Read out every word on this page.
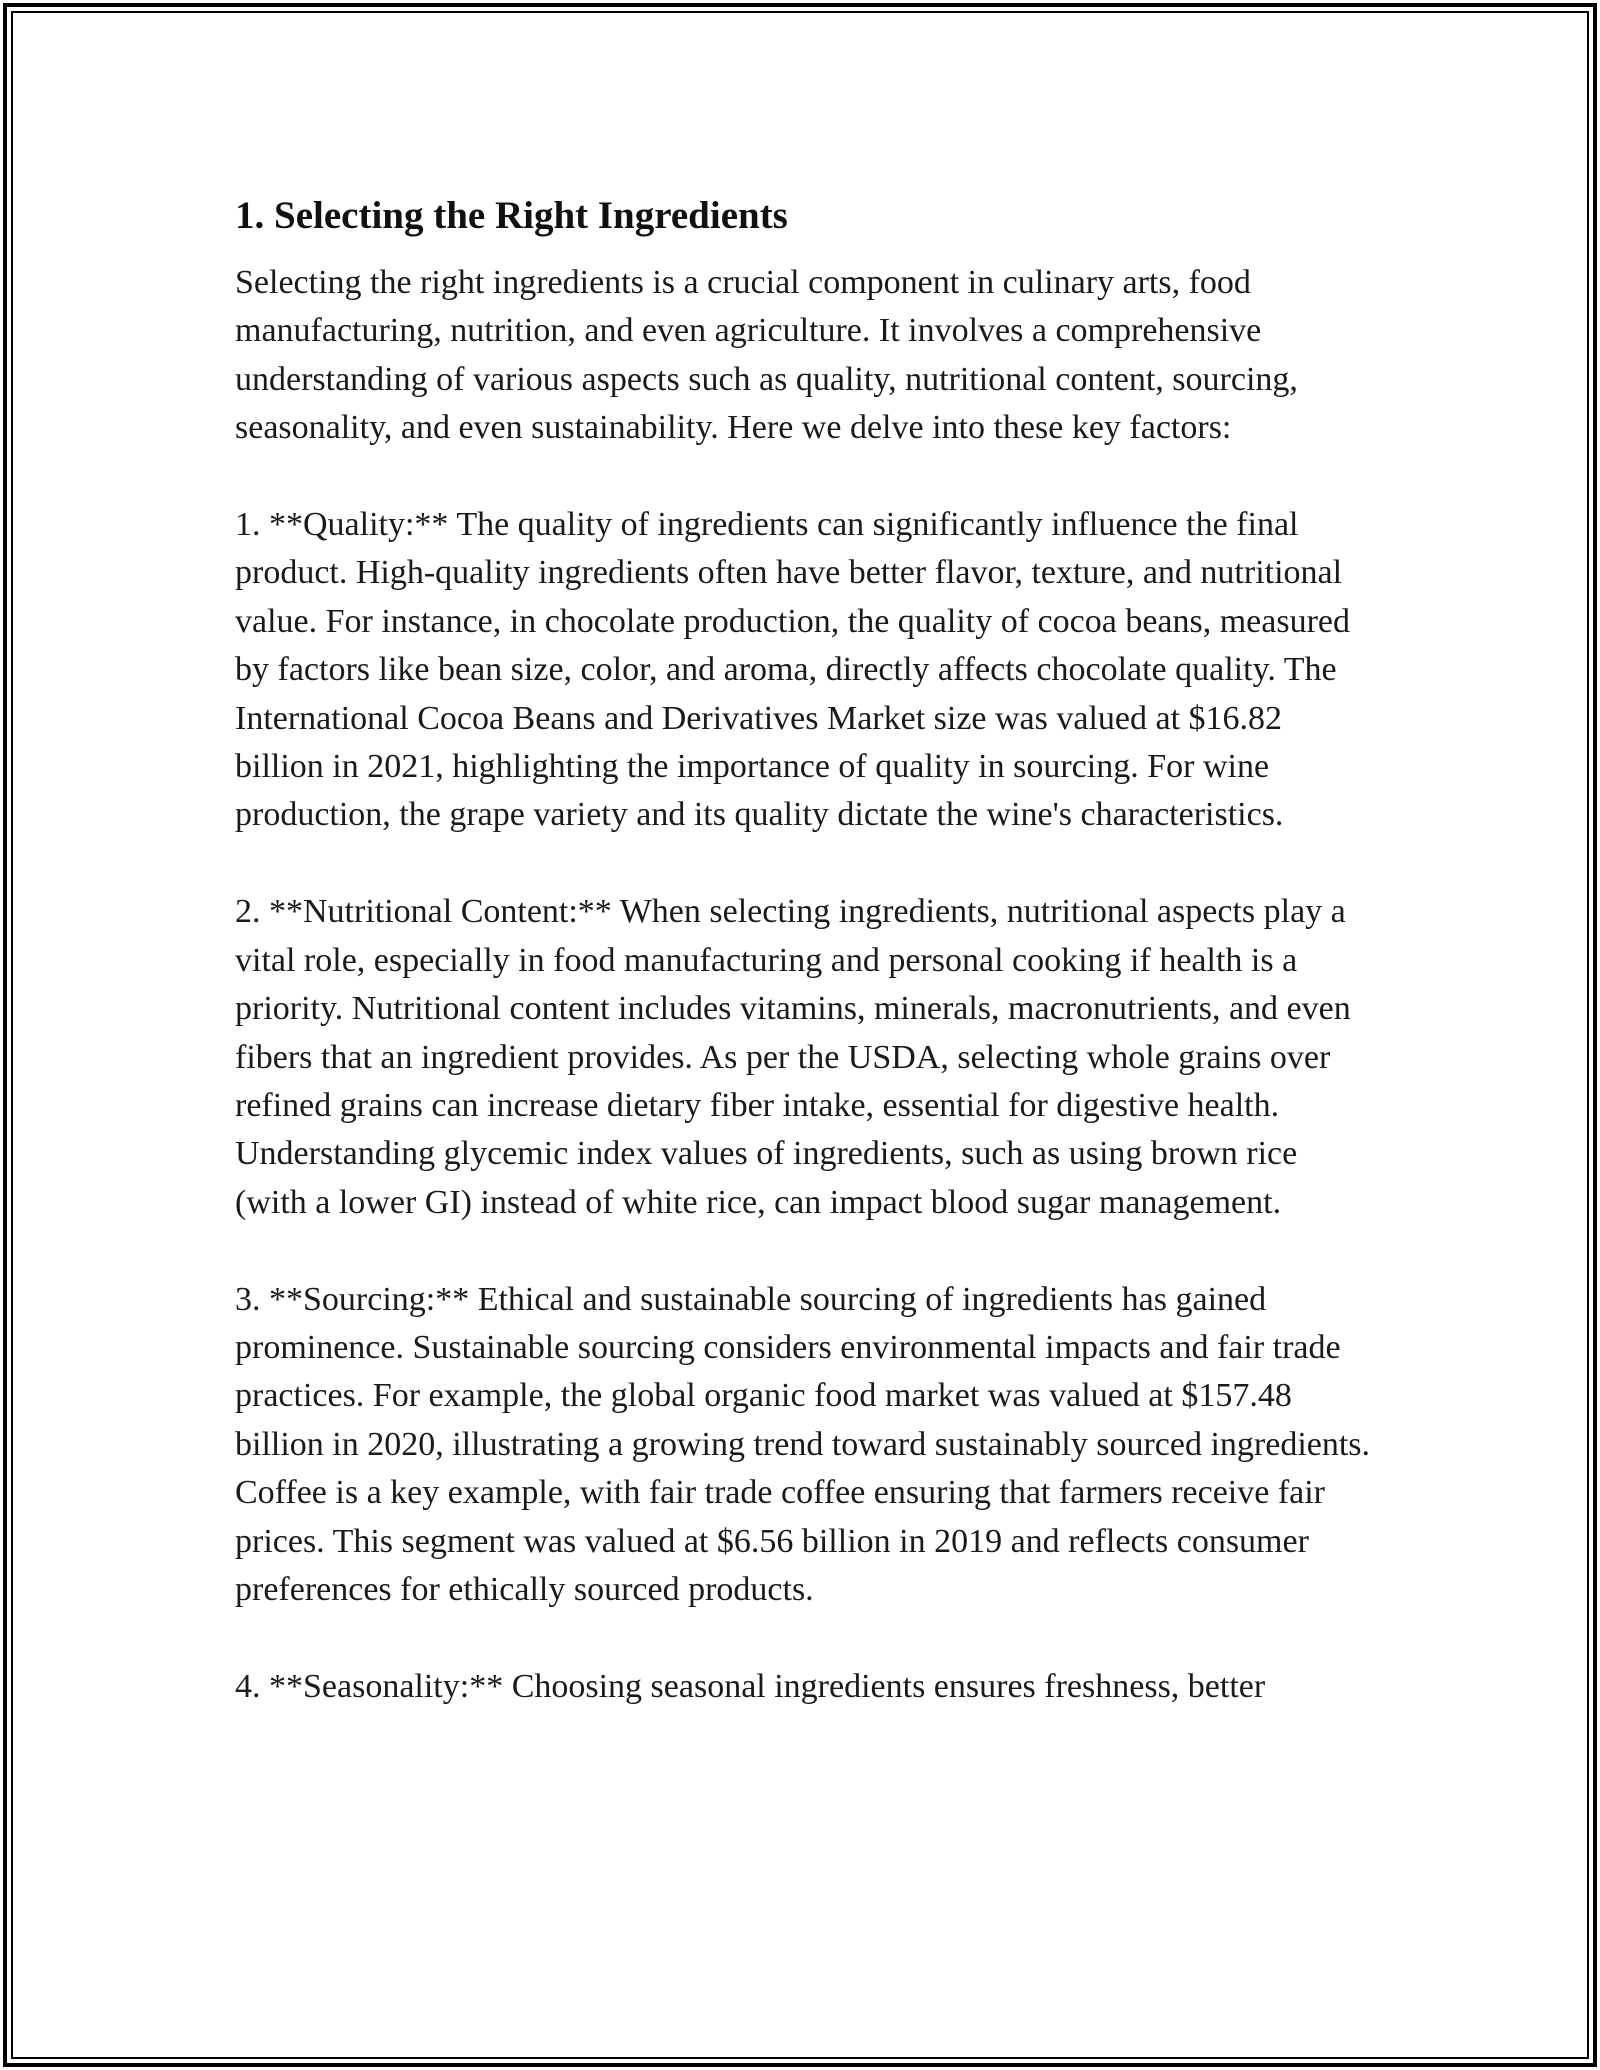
1. Selecting the Right Ingredients

Selecting the right ingredients is a crucial component in culinary arts, food manufacturing, nutrition, and even agriculture. It involves a comprehensive understanding of various aspects such as quality, nutritional content, sourcing, seasonality, and even sustainability. Here we delve into these key factors:

1. **Quality:** The quality of ingredients can significantly influence the final product. High-quality ingredients often have better flavor, texture, and nutritional value. For instance, in chocolate production, the quality of cocoa beans, measured by factors like bean size, color, and aroma, directly affects chocolate quality. The International Cocoa Beans and Derivatives Market size was valued at $16.82 billion in 2021, highlighting the importance of quality in sourcing. For wine production, the grape variety and its quality dictate the wine's characteristics.

2. **Nutritional Content:** When selecting ingredients, nutritional aspects play a vital role, especially in food manufacturing and personal cooking if health is a priority. Nutritional content includes vitamins, minerals, macronutrients, and even fibers that an ingredient provides. As per the USDA, selecting whole grains over refined grains can increase dietary fiber intake, essential for digestive health. Understanding glycemic index values of ingredients, such as using brown rice (with a lower GI) instead of white rice, can impact blood sugar management.

3. **Sourcing:** Ethical and sustainable sourcing of ingredients has gained prominence. Sustainable sourcing considers environmental impacts and fair trade practices. For example, the global organic food market was valued at $157.48 billion in 2020, illustrating a growing trend toward sustainably sourced ingredients. Coffee is a key example, with fair trade coffee ensuring that farmers receive fair prices. This segment was valued at $6.56 billion in 2019 and reflects consumer preferences for ethically sourced products.

4. **Seasonality:** Choosing seasonal ingredients ensures freshness, better
